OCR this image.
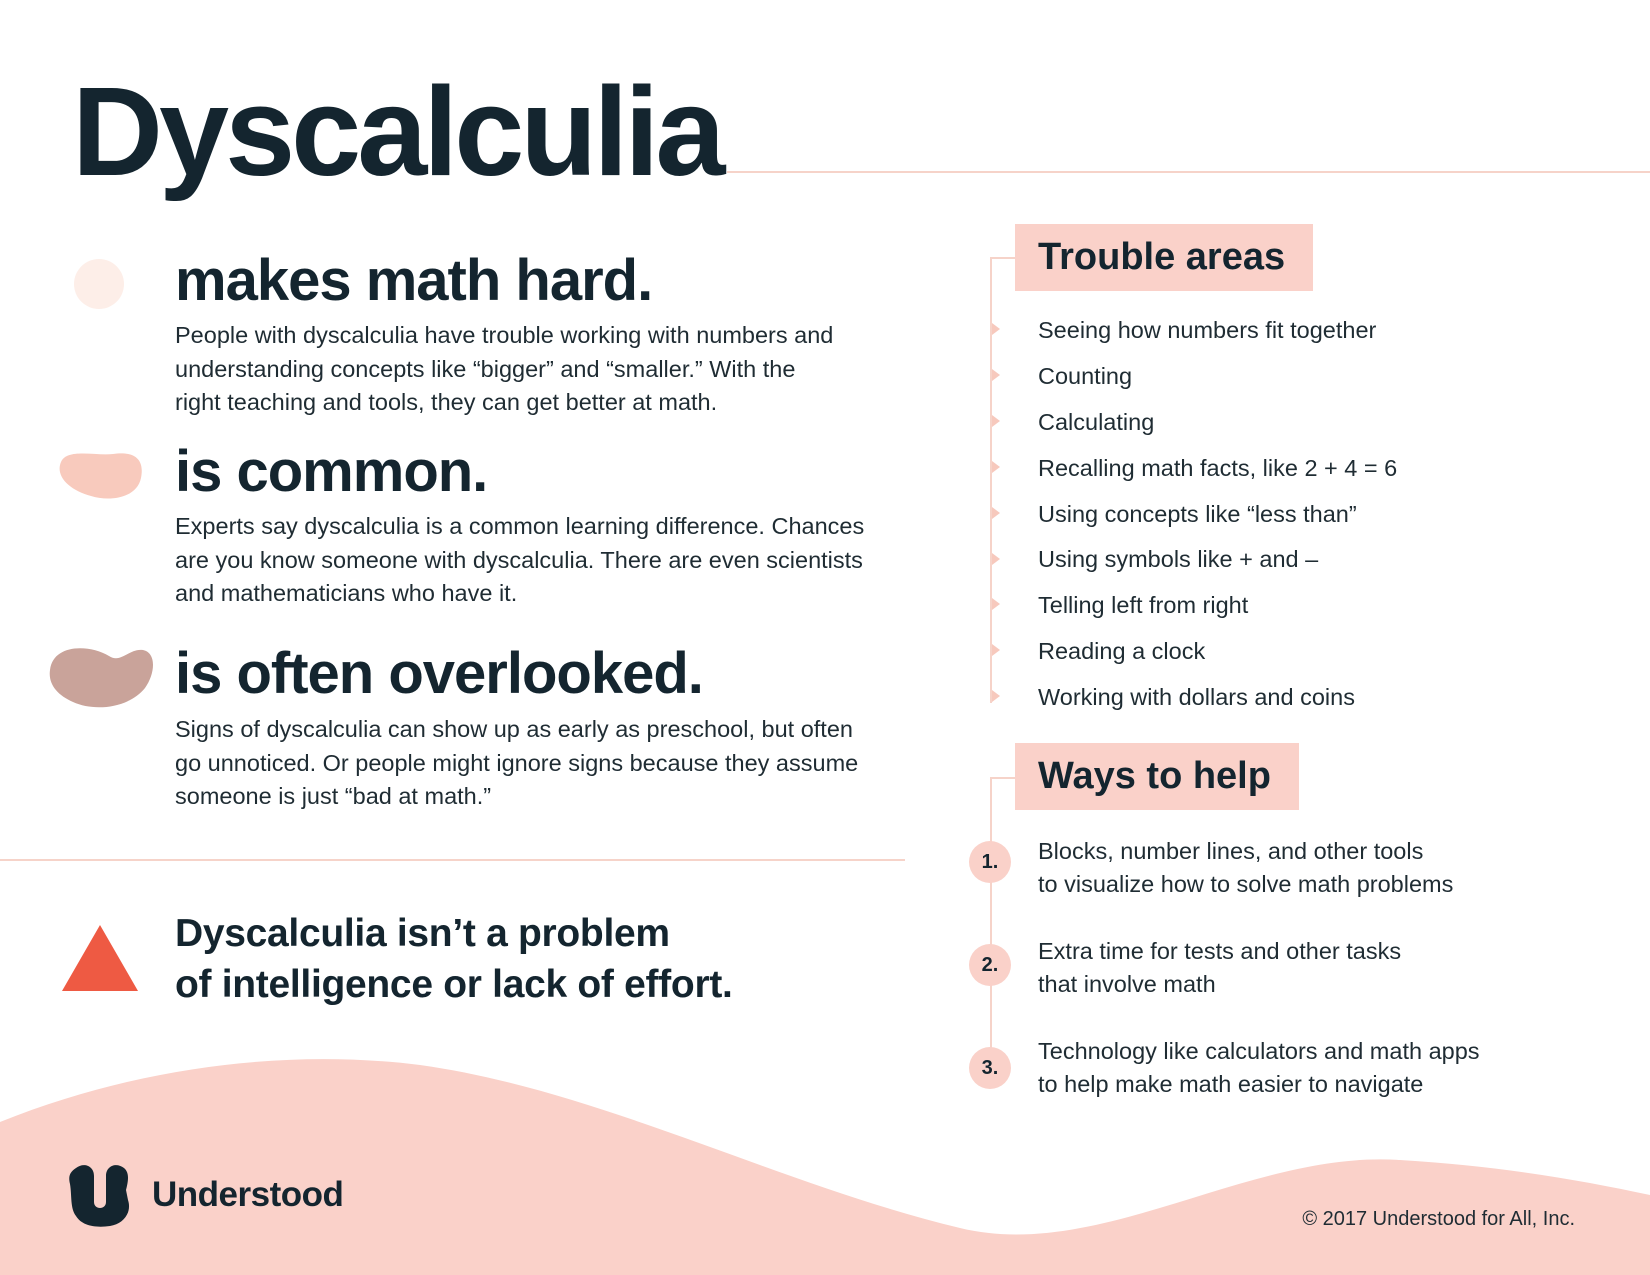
Dyscalculia
makes math hard.

People with dyscalculia have trouble working with numbers and
understanding concepts like “bigger” and “smaller.” With the
right teaching and tools, they can get better at math.

is common.

Experts say dyscalculia is a common learning difference. Chances
are you know someone with dyscalculia. There are even scientists
and mathematicians who have it.

is often overlooked.

Signs of dyscalculia can show up as early as preschool, but often
go unnoticed. Or people might ignore signs because they assume
someone is just “bad at math.”

Dyscalculia isn’t a problem
of intelligence or lack of effort.

Trouble areas
Seeing how numbers fit together
Counting
Calculating
Recalling math facts, like 2 + 4 = 6
Using concepts like “less than”
Using symbols like + and –
Telling left from right
Reading a clock
Working with dollars and coins
Ways to help
1.	Blocks, number lines, and other tools
to visualize how to solve math problems
2.
Extra time for tests and other tasks
that involve math
3.
Technology like calculators and math apps
to help make math easier to navigate
Understood
© 2017 Understood for All, Inc.
